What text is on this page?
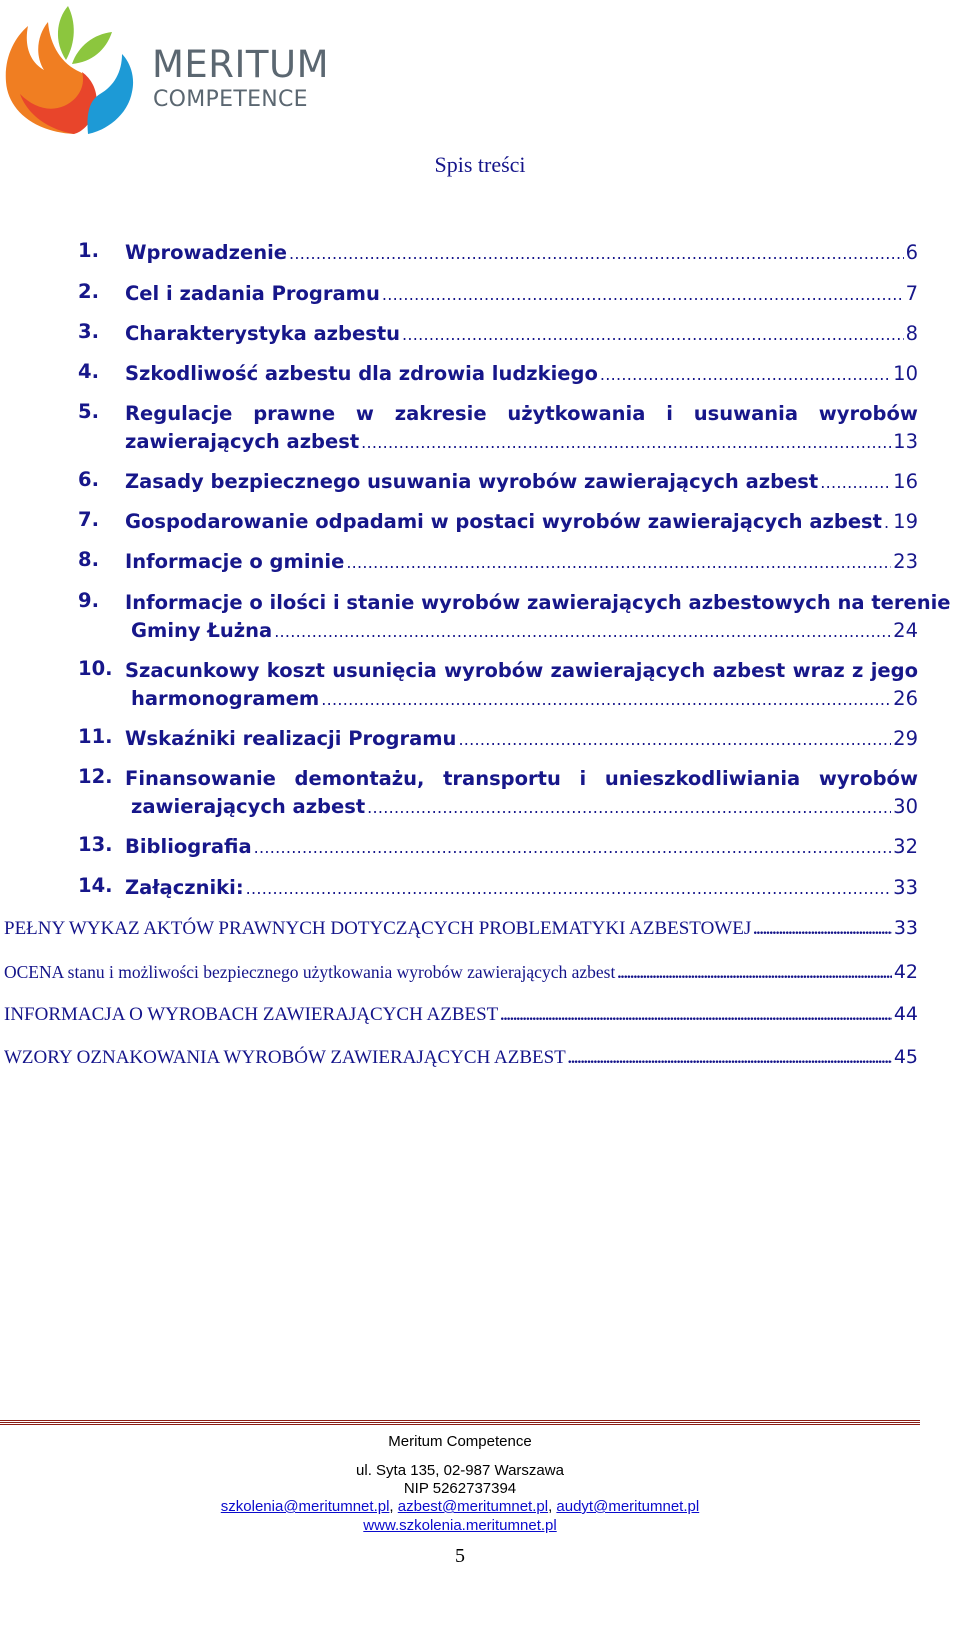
MERITUM
COMPETENCE
Spis treści
1. Wprowadzenie . . .	6
2. Cel i zadania Programu . . .	7
3. Charakterystyka azbestu . . .	8
4. Szkodliwość azbestu dla zdrowia ludzkiego . . .	10
5. Regulacje prawne w zakresie użytkowania i usuwania wyrobów
zawierających azbest . . .	13
6. Zasady bezpiecznego usuwania wyrobów zawierających azbest . . .	16
7. Gospodarowanie odpadami w postaci wyrobów zawierających azbest . . . 19
8. Informacje o gminie . . .	23
9. Informacje o ilości i stanie wyrobów zawierających azbestowych na terenie
Gminy Łużna . . .	24
10. Szacunkowy koszt usunięcia wyrobów zawierających azbest wraz z jego
harmonogramem . . .	26
11. Wskaźniki realizacji Programu . . .	29
12. Finansowanie demontażu, transportu i unieszkodliwiania wyrobów
zawierających azbest . . .	30
13. Bibliografia . . .	32
14. Załączniki: . . .	33
PEŁNY WYKAZ AKTÓW PRAWNYCH DOTYCZĄCYCH PROBLEMATYKI AZBESTOWEJ . . .	33
OCENA stanu i możliwości bezpiecznego użytkowania wyrobów zawierających azbest . . .	42
INFORMACJA O WYROBACH ZAWIERAJĄCYCH AZBEST . . .	44
WZORY OZNAKOWANIA WYROBÓW ZAWIERAJĄCYCH AZBEST . . .	45
Meritum Competence
ul. Syta 135, 02-987 Warszawa
NIP 5262737394
szkolenia@meritumnet.pl, azbest@meritumnet.pl, audyt@meritumnet.pl
www.szkolenia.meritumnet.pl
5
